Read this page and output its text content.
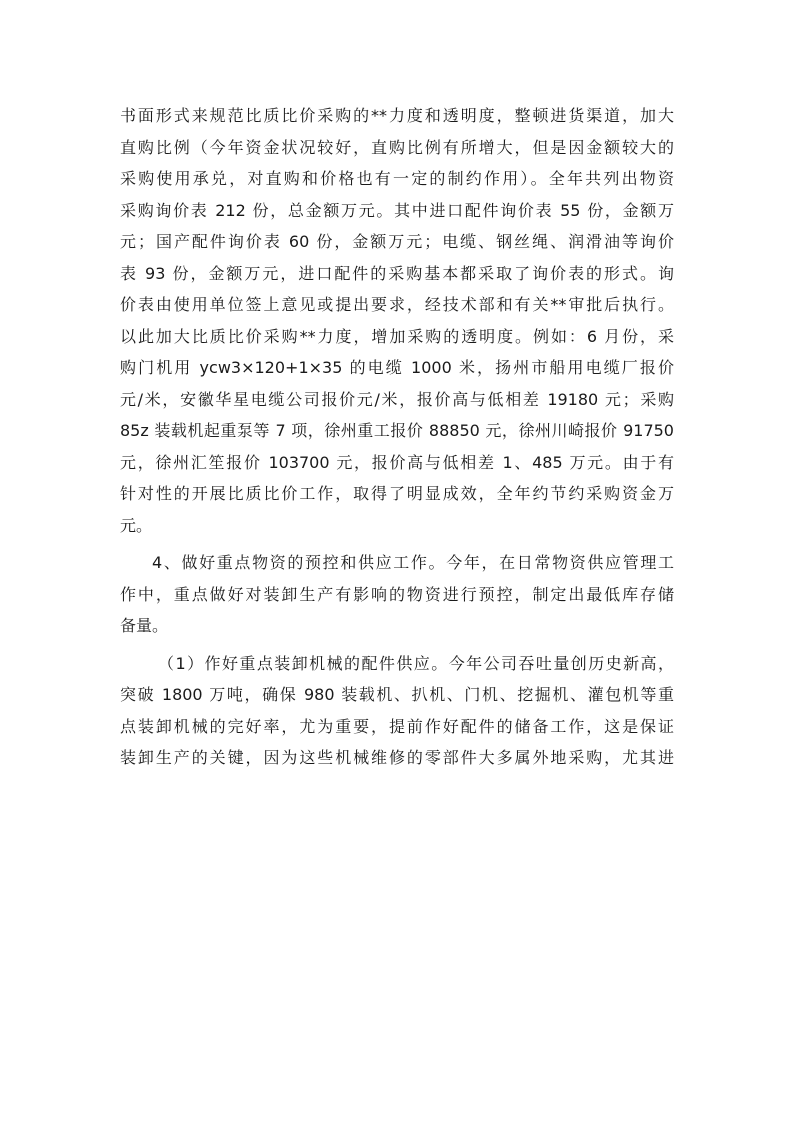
书面形式来规范比质比价采购的**力度和透明度，整顿进货渠道，加大
直购比例（今年资金状况较好，直购比例有所增大，但是因金额较大的
采购使用承兑，对直购和价格也有一定的制约作用）。全年共列出物资
采购询价表 212 份，总金额万元。其中进口配件询价表 55 份，金额万
元；国产配件询价表 60 份，金额万元；电缆、钢丝绳、润滑油等询价
表 93 份，金额万元，进口配件的采购基本都采取了询价表的形式。询
价表由使用单位签上意见或提出要求，经技术部和有关**审批后执行。
以此加大比质比价采购**力度，增加采购的透明度。例如：6 月份，采
购门机用 ycw3×120+1×35 的电缆 1000 米，扬州市船用电缆厂报价
元/米，安徽华星电缆公司报价元/米，报价高与低相差 19180 元；采购
85z 装载机起重泵等 7 项，徐州重工报价 88850 元，徐州川崎报价 91750
元，徐州汇笙报价 103700 元，报价高与低相差 1、485 万元。由于有
针对性的开展比质比价工作，取得了明显成效，全年约节约采购资金万
元。
4、做好重点物资的预控和供应工作。今年，在日常物资供应管理工
作中，重点做好对装卸生产有影响的物资进行预控，制定出最低库存储
备量。
（1）作好重点装卸机械的配件供应。今年公司吞吐量创历史新高，
突破 1800 万吨，确保 980 装载机、扒机、门机、挖掘机、灌包机等重
点装卸机械的完好率，尤为重要，提前作好配件的储备工作，这是保证
装卸生产的关键，因为这些机械维修的零部件大多属外地采购，尤其进
